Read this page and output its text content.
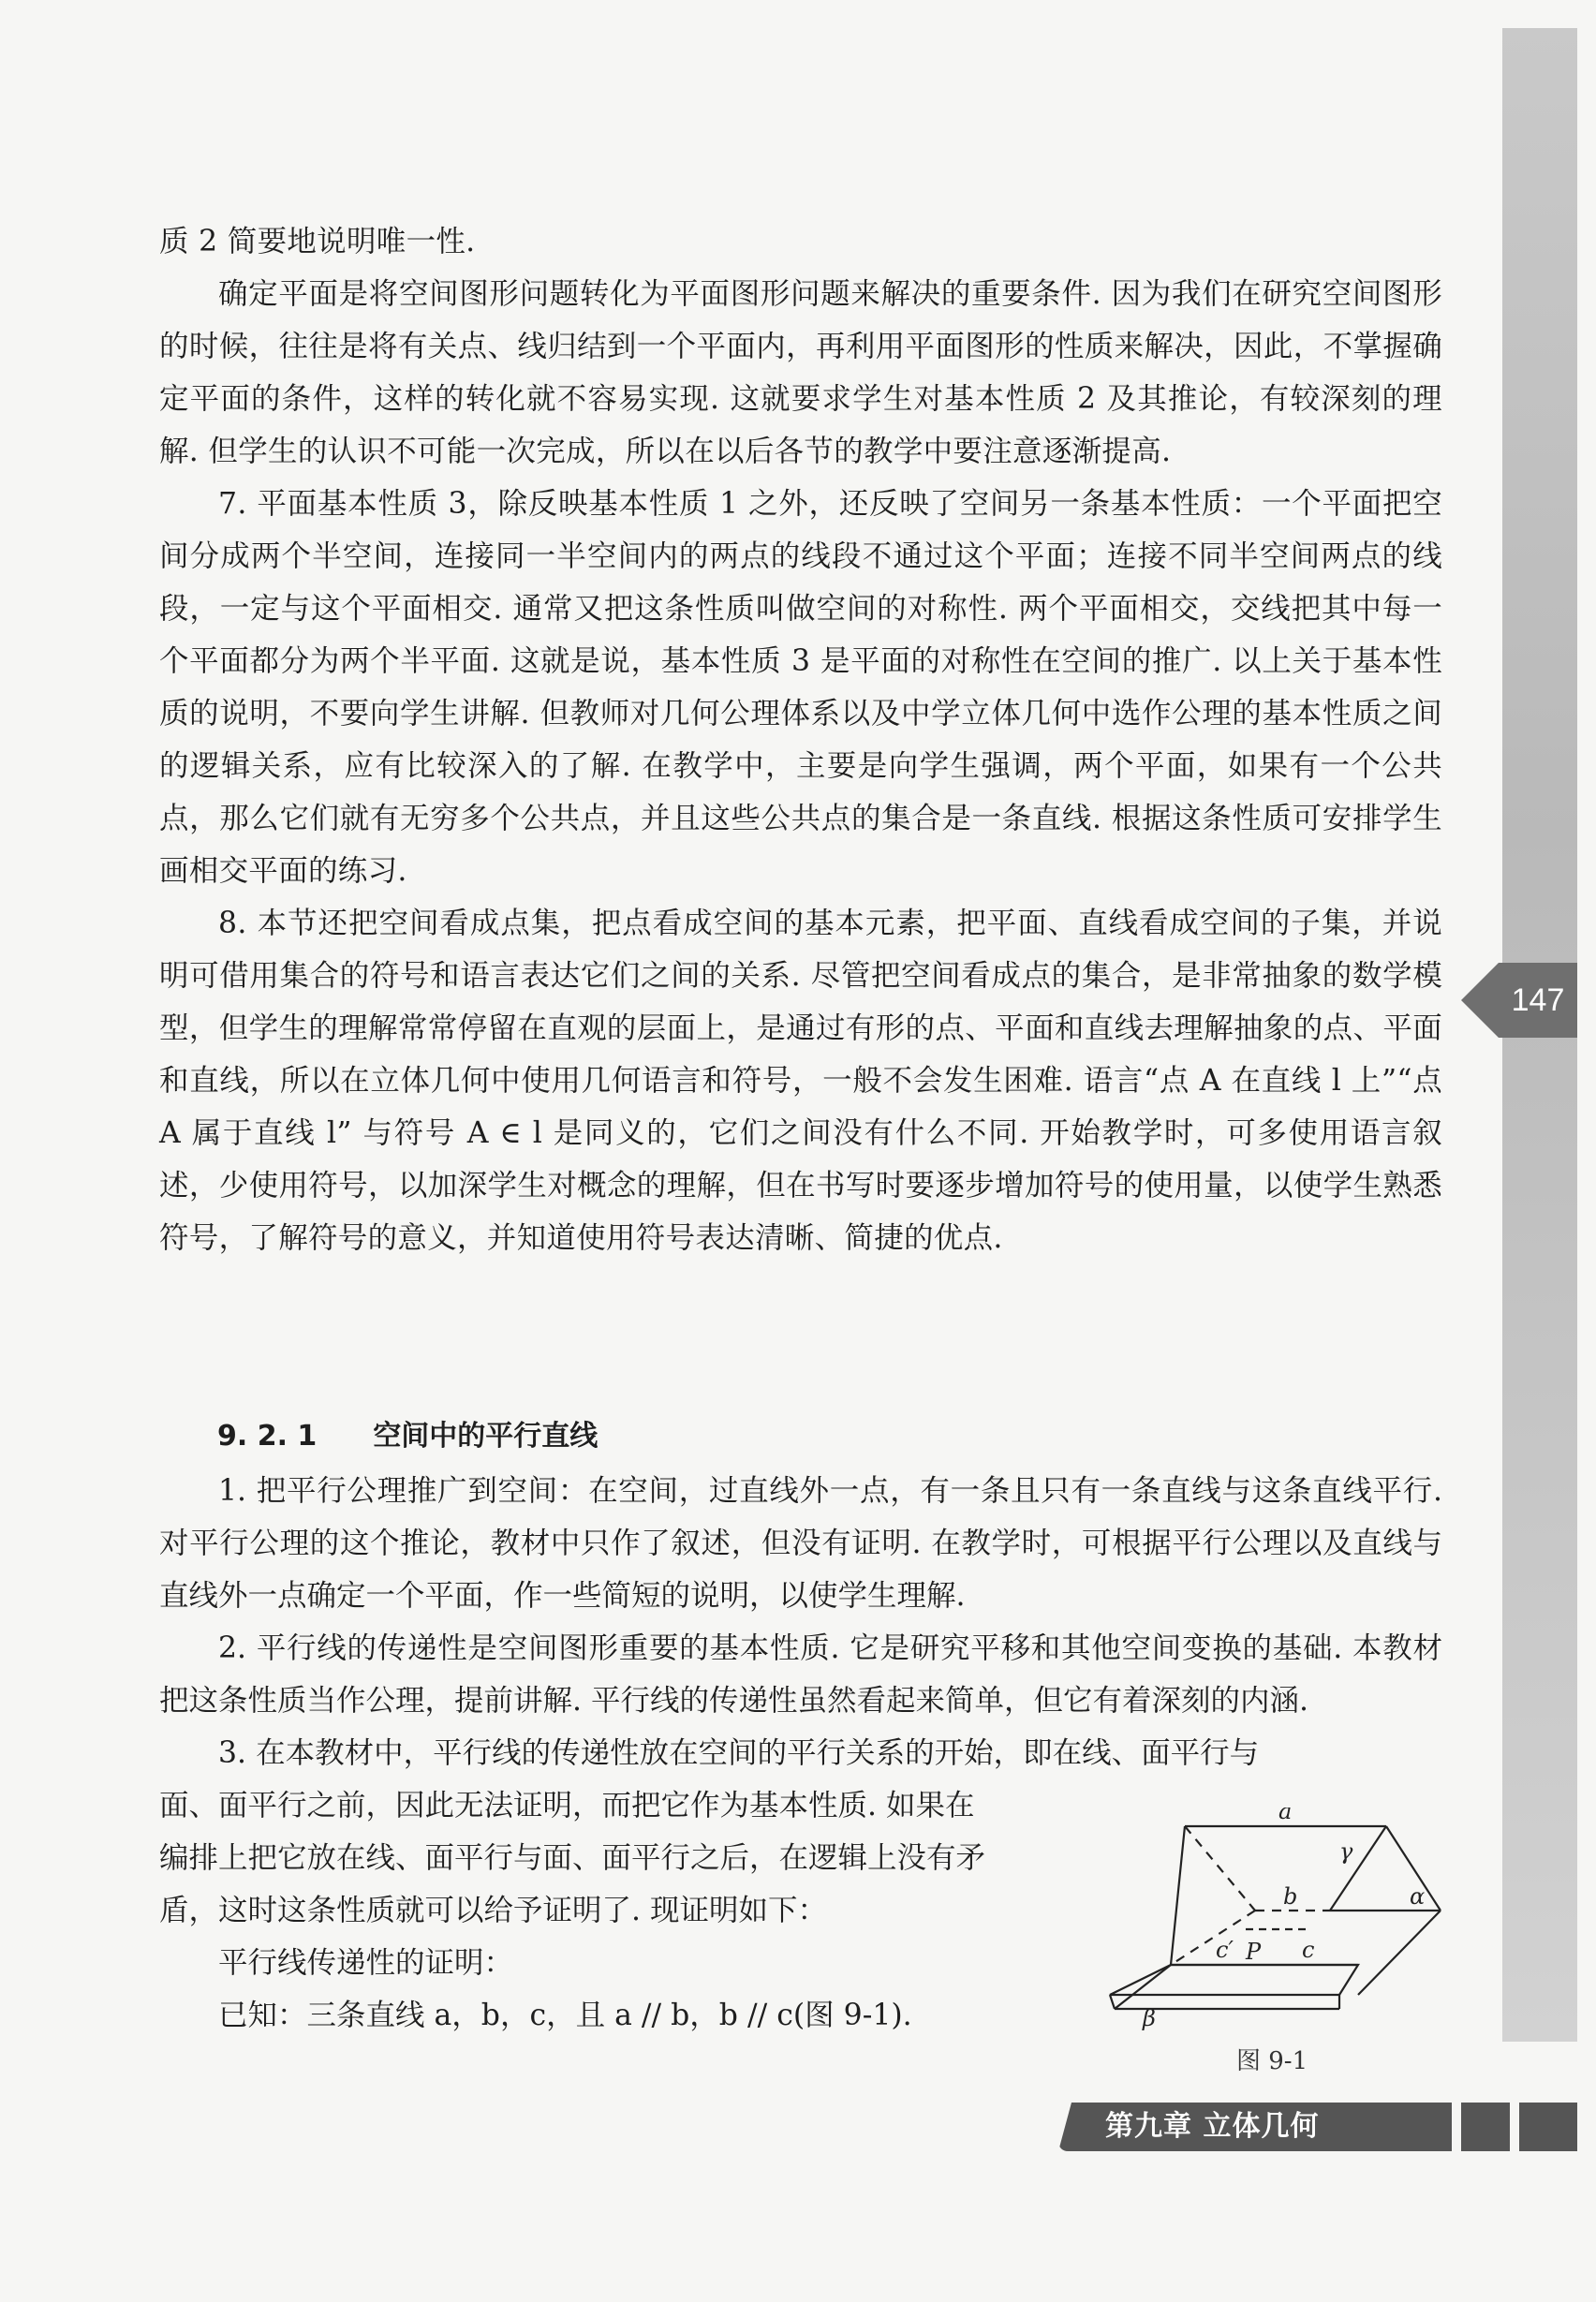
147

质 2 简要地说明唯一性.

确定平面是将空间图形问题转化为平面图形问题来解决的重要条件. 因为我们在研究空间图形的时候，往往是将有关点、线归结到一个平面内，再利用平面图形的性质来解决，因此，不掌握确定平面的条件，这样的转化就不容易实现. 这就要求学生对基本性质 2 及其推论，有较深刻的理解. 但学生的认识不可能一次完成，所以在以后各节的教学中要注意逐渐提高.

7. 平面基本性质 3，除反映基本性质 1 之外，还反映了空间另一条基本性质：一个平面把空间分成两个半空间，连接同一半空间内的两点的线段不通过这个平面；连接不同半空间两点的线段，一定与这个平面相交. 通常又把这条性质叫做空间的对称性. 两个平面相交，交线把其中每一个平面都分为两个半平面. 这就是说，基本性质 3 是平面的对称性在空间的推广. 以上关于基本性质的说明，不要向学生讲解. 但教师对几何公理体系以及中学立体几何中选作公理的基本性质之间的逻辑关系，应有比较深入的了解. 在教学中，主要是向学生强调，两个平面，如果有一个公共点，那么它们就有无穷多个公共点，并且这些公共点的集合是一条直线. 根据这条性质可安排学生画相交平面的练习.

8. 本节还把空间看成点集，把点看成空间的基本元素，把平面、直线看成空间的子集，并说明可借用集合的符号和语言表达它们之间的关系. 尽管把空间看成点的集合，是非常抽象的数学模型，但学生的理解常常停留在直观的层面上，是通过有形的点、平面和直线去理解抽象的点、平面和直线，所以在立体几何中使用几何语言和符号，一般不会发生困难. 语言“点 A 在直线 l 上”“点 A 属于直线 l” 与符号 A ∈ l 是同义的，它们之间没有什么不同. 开始教学时，可多使用语言叙述，少使用符号，以加深学生对概念的理解，但在书写时要逐步增加符号的使用量，以使学生熟悉符号，了解符号的意义，并知道使用符号表达清晰、简捷的优点.

9. 2. 1 空间中的平行直线

1. 把平行公理推广到空间：在空间，过直线外一点，有一条且只有一条直线与这条直线平行. 对平行公理的这个推论，教材中只作了叙述，但没有证明. 在教学时，可根据平行公理以及直线与直线外一点确定一个平面，作一些简短的说明，以使学生理解.

2. 平行线的传递性是空间图形重要的基本性质. 它是研究平移和其他空间变换的基础. 本教材把这条性质当作公理，提前讲解. 平行线的传递性虽然看起来简单，但它有着深刻的内涵.

3. 在本教材中，平行线的传递性放在空间的平行关系的开始，即在线、面平行与

面、面平行之前，因此无法证明，而把它作为基本性质. 如果在

编排上把它放在线、面平行与面、面平行之后，在逻辑上没有矛

盾，这时这条性质就可以给予证明了. 现证明如下：

平行线传递性的证明：

已知：三条直线 a，b，c，且 a // b，b // c(图 9-1).

a
γ
b	α
c′ P c
β
图 9-1
第九章 立体几何
